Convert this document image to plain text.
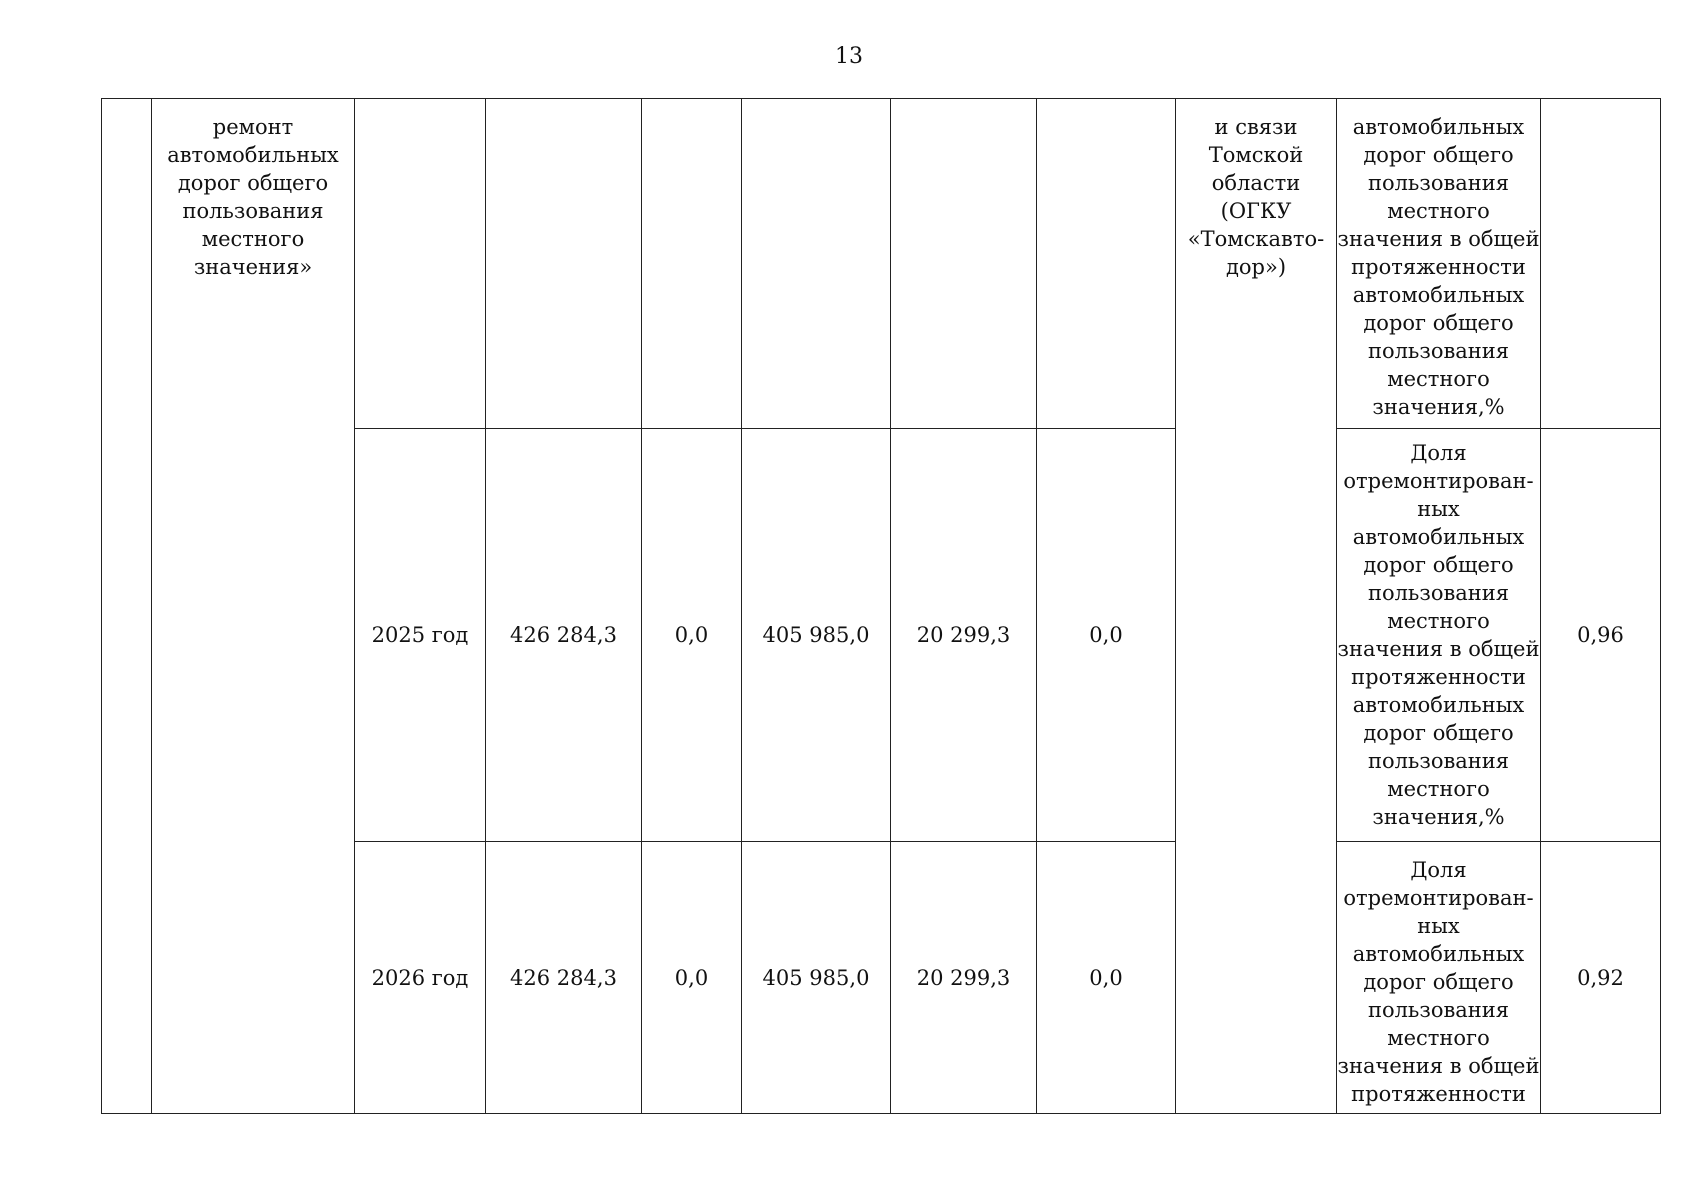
13
	ремонт автомобильных дорог общего пользования местного значения»							и связи Томской области (ОГКУ «Томскавто-дор»)	автомобильных дорог общего пользования местного значения в общей протяженности автомобильных дорог общего пользования местного значения,%	
		2025 год	426 284,3	0,0	405 985,0	20 299,3	0,0		Доля отремонтирован-ных автомобильных дорог общего пользования местного значения в общей протяженности автомобильных дорог общего пользования местного значения,%	0,96
		2026 год	426 284,3	0,0	405 985,0	20 299,3	0,0		Доля отремонтирован-ных автомобильных дорог общего пользования местного значения в общей протяженности	0,92
